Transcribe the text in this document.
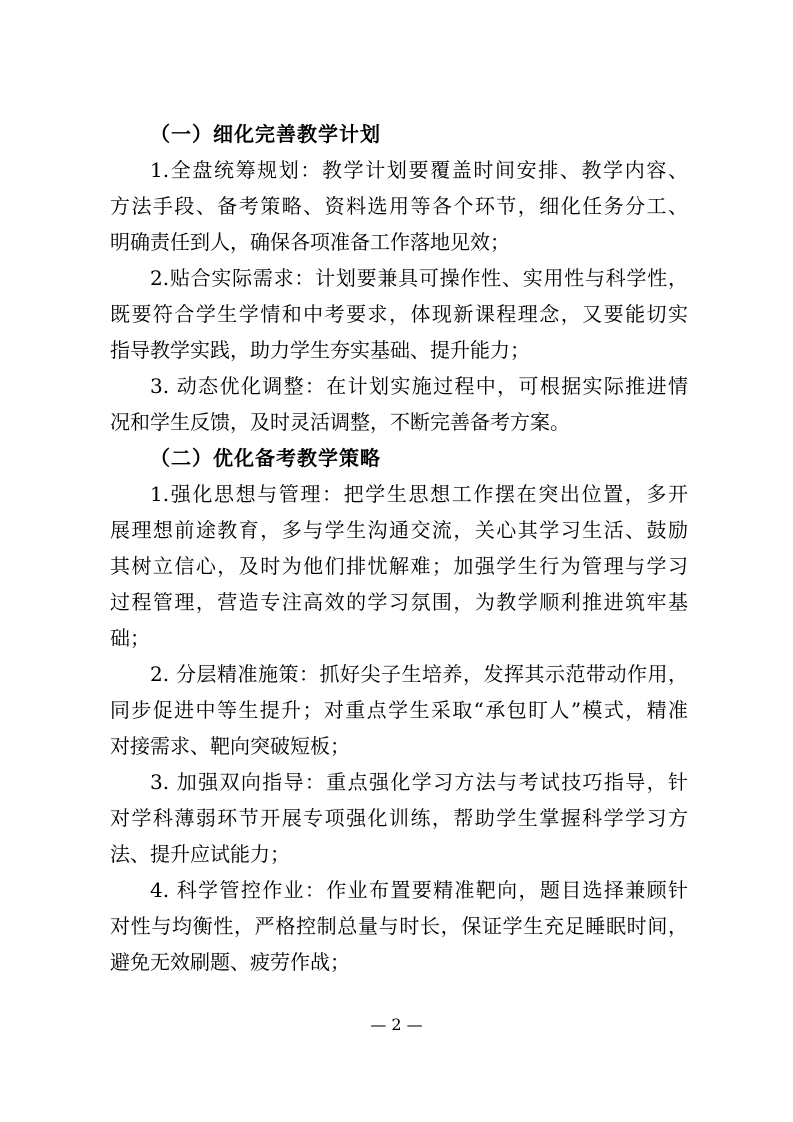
（一）细化完善教学计划
1.全盘统筹规划：教学计划要覆盖时间安排、教学内容、
方法手段、备考策略、资料选用等各个环节，细化任务分工、
明确责任到人，确保各项准备工作落地见效；
2.贴合实际需求：计划要兼具可操作性、实用性与科学性，
既要符合学生学情和中考要求，体现新课程理念，又要能切实
指导教学实践，助力学生夯实基础、提升能力；
3. 动态优化调整：在计划实施过程中，可根据实际推进情
况和学生反馈，及时灵活调整，不断完善备考方案。
（二）优化备考教学策略
1.强化思想与管理：把学生思想工作摆在突出位置，多开
展理想前途教育，多与学生沟通交流，关心其学习生活、鼓励
其树立信心，及时为他们排忧解难；加强学生行为管理与学习
过程管理，营造专注高效的学习氛围，为教学顺利推进筑牢基
础；
2. 分层精准施策：抓好尖子生培养，发挥其示范带动作用，
同步促进中等生提升；对重点学生采取“承包盯人”模式，精准
对接需求、靶向突破短板；
3. 加强双向指导：重点强化学习方法与考试技巧指导，针
对学科薄弱环节开展专项强化训练，帮助学生掌握科学学习方
法、提升应试能力；
4. 科学管控作业：作业布置要精准靶向，题目选择兼顾针
对性与均衡性，严格控制总量与时长，保证学生充足睡眠时间，
避免无效刷题、疲劳作战；
— 2 —
